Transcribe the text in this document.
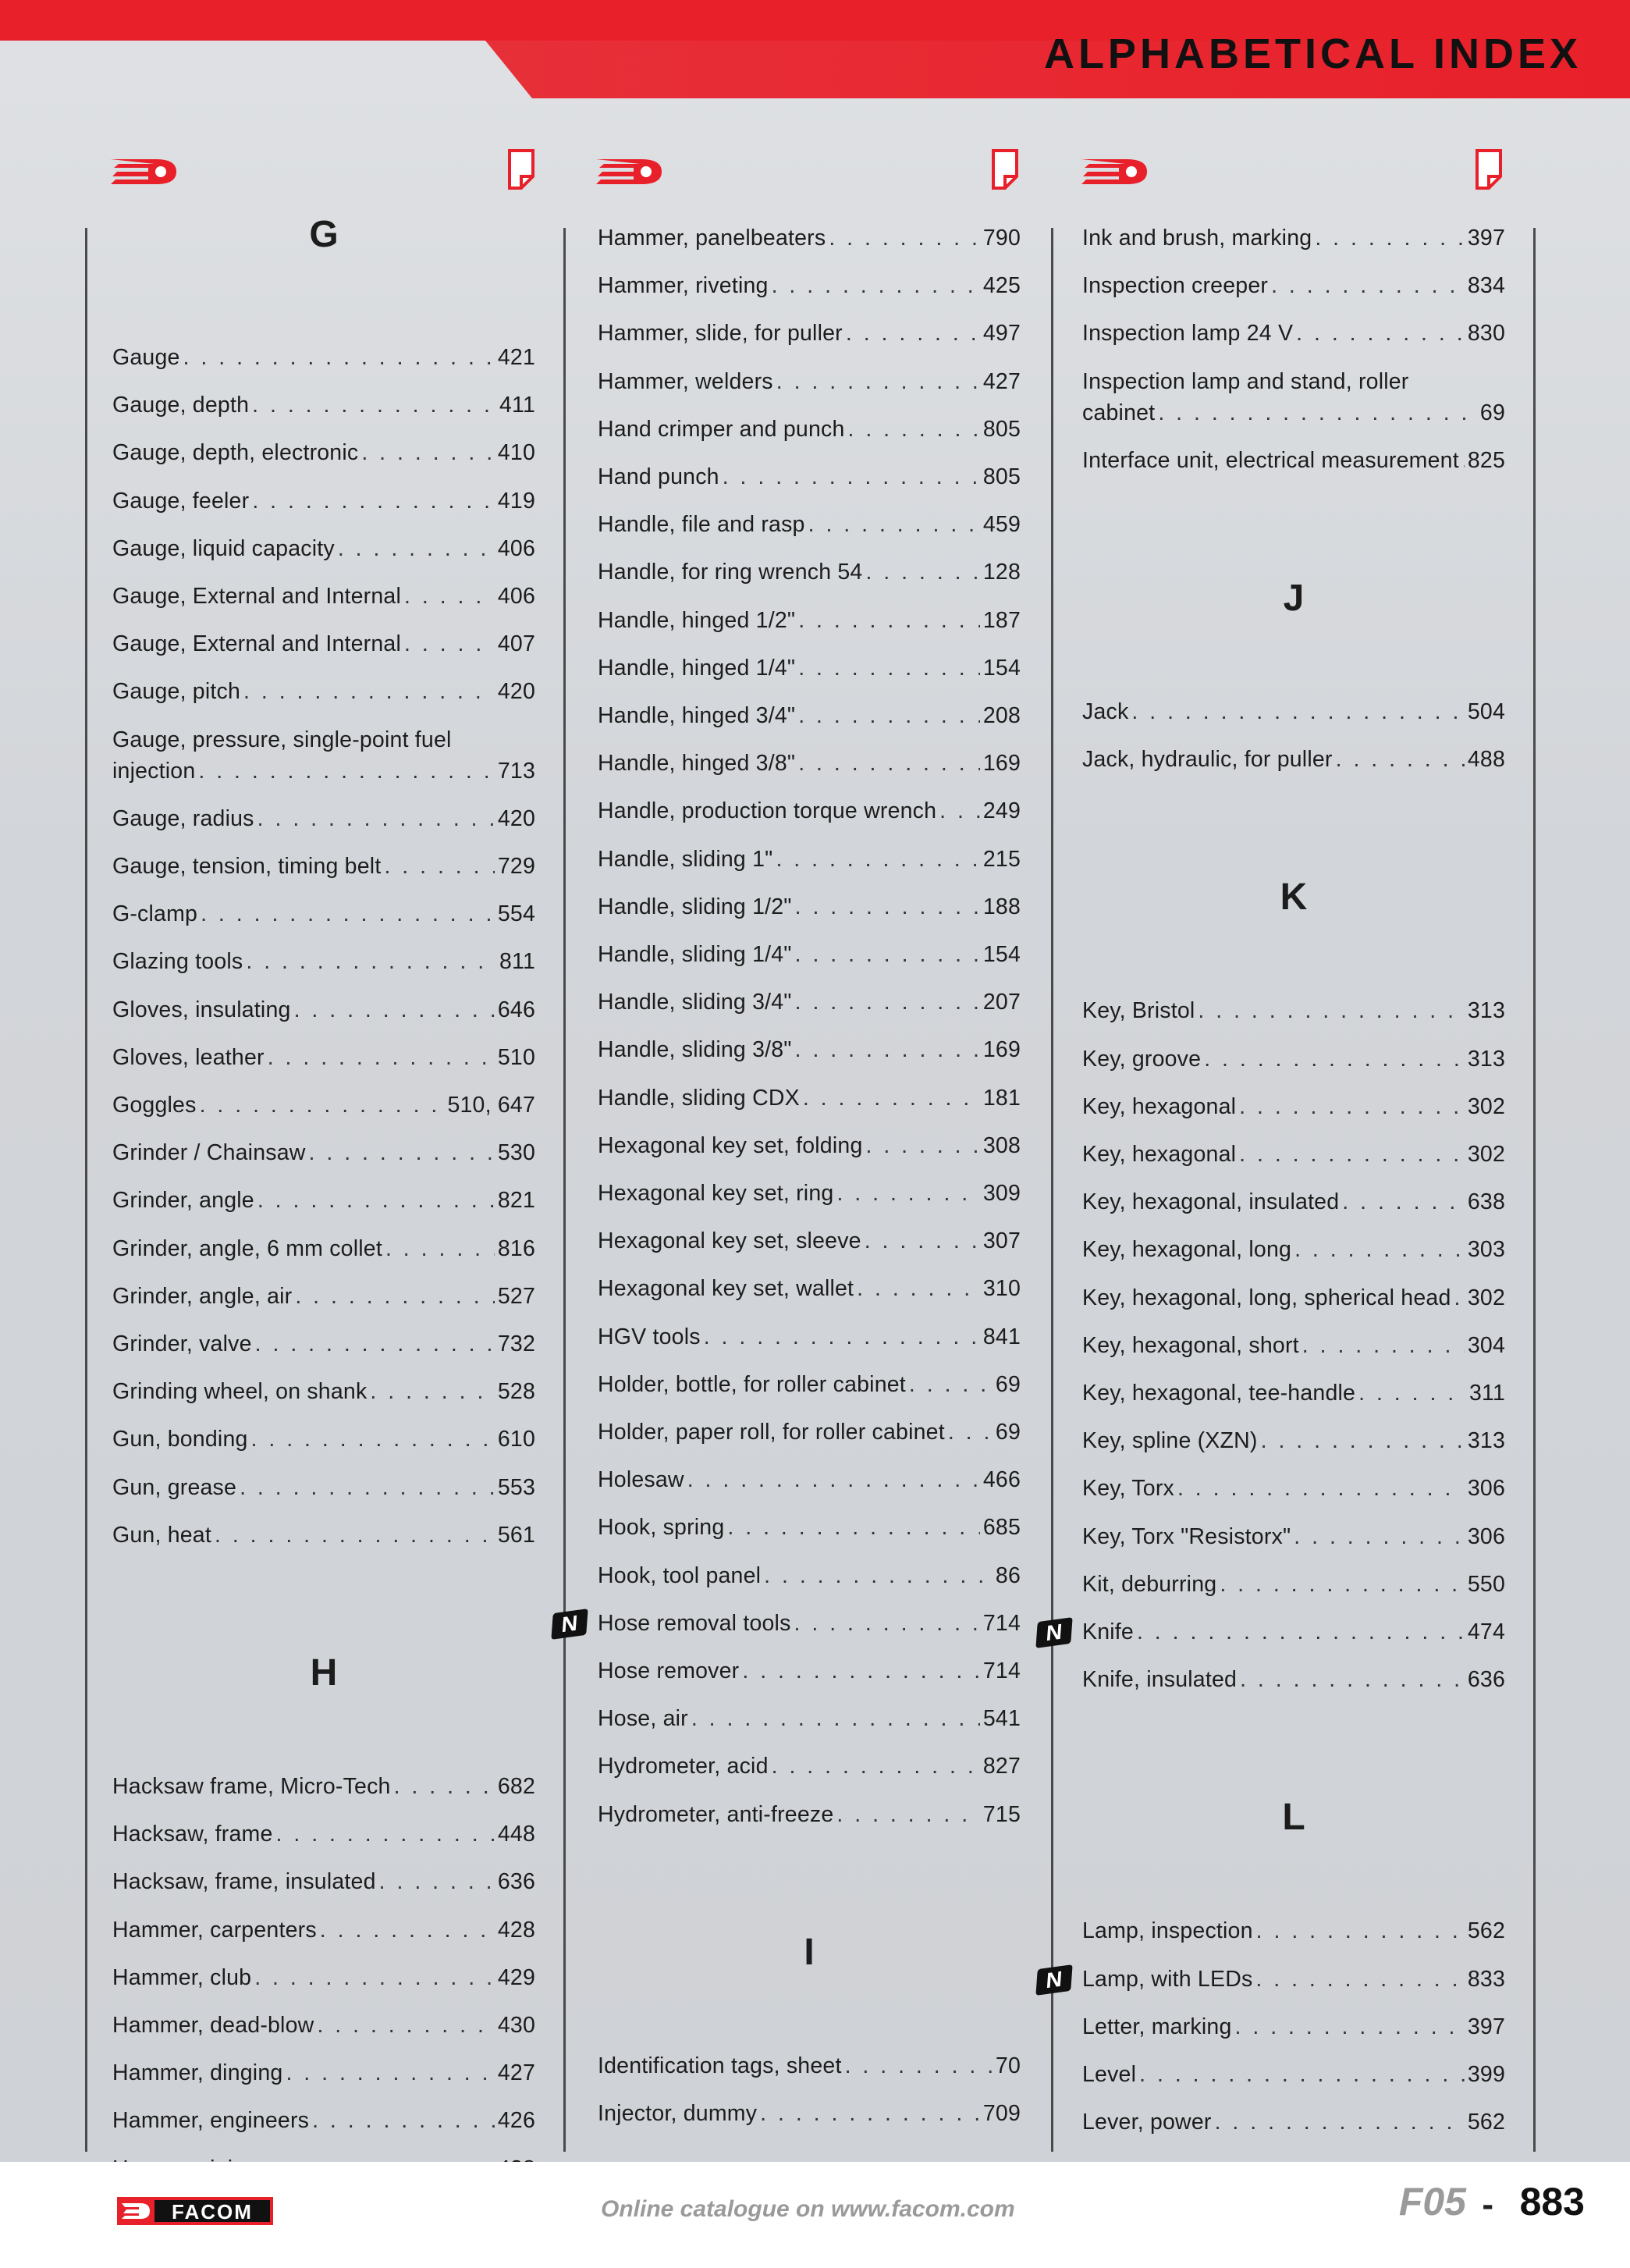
ALPHABETICAL INDEX
G
Gauge . . .	421
Gauge, depth . . .	411
Gauge, depth, electronic . . .	410
Gauge, feeler . . .	419
Gauge, liquid capacity . . .	406
Gauge, External and Internal . . .	406
Gauge, External and Internal . . .	407
Gauge, pitch . . .	420
Gauge, pressure, single-point fuel
injection . . .	713
Gauge, radius . . .	420
Gauge, tension, timing belt . . .	729
G-clamp . . .	554
Glazing tools . . .	811
Gloves, insulating . . .	646
Gloves, leather . . .	510
Goggles . . .	510, 647
Grinder / Chainsaw . . .	530
Grinder, angle . . .	821
Grinder, angle, 6 mm collet . . .	816
Grinder, angle, air . . .	527
Grinder, valve . . .	732
Grinding wheel, on shank . . .	528
Gun, bonding . . .	610
Gun, grease . . .	553
Gun, heat . . .	561
H
Hacksaw frame, Micro-Tech . . .	682
Hacksaw, frame . . .	448
Hacksaw, frame, insulated . . .	636
Hammer, carpenters . . .	428
Hammer, club . . .	429
Hammer, dead-blow . . .	430
Hammer, dinging . . .	427
Hammer, engineers . . .	426
. . .
Hammer, panelbeaters . . .	790
Hammer, riveting . . .	425
Hammer, slide, for puller . . .	497
Hammer, welders . . .	427
Hand crimper and punch . . .	805
Hand punch . . .	805
Handle, file and rasp . . .	459
Handle, for ring wrench 54 . . .	128
Handle, hinged 1/2" . . .	187
Handle, hinged 1/4" . . .	154
Handle, hinged 3/4" . . .	208
Handle, hinged 3/8" . . .	169
Handle, production torque wrench . . . 249
Handle, sliding 1" . . .	215
Handle, sliding 1/2" . . .	188
Handle, sliding 1/4" . . .	154
Handle, sliding 3/4" . . .	207
Handle, sliding 3/8" . . .	169
Handle, sliding CDX . . .	181
Hexagonal key set, folding . . .	308
Hexagonal key set, ring . . .	309
Hexagonal key set, sleeve . . .	307
Hexagonal key set, wallet . . .	310
HGV tools . . .	841
Holder, bottle, for roller cabinet . . .	69
Holder, paper roll, for roller cabinet . . . 69
Holesaw . . .	466
Hook, spring . . .	685
Hook, tool panel . . .	86
Hose removal tools . . .	714
N
Hose remover . . .	714
Hose, air . . .	541
Hydrometer, acid . . .	827
Hydrometer, anti-freeze . . .	715
I
Identification tags, sheet . . .	70
Injector, dummy . . .	709
Ink and brush, marking . . .	397
Inspection creeper . . .	834
Inspection lamp 24 V . . .	830
Inspection lamp and stand, roller
cabinet . . .	69
Interface unit, electrical measurement . . . 825
J
Jack . . .	504
Jack, hydraulic, for puller . . .	488
K
Key, Bristol . . .	313
Key, groove . . .	313
Key, hexagonal . . .	302
Key, hexagonal . . .	302
Key, hexagonal, insulated . . .	638
Key, hexagonal, long . . .	303
Key, hexagonal, long, spherical head . . . 302
Key, hexagonal, short . . .	304
Key, hexagonal, tee-handle . . .	311
Key, spline (XZN) . . .	313
Key, Torx . . .	306
Key, Torx "Resistorx" . . .	306
Kit, deburring . . .	550
Knife . . .	474
N
Knife, insulated . . .	636
L
Lamp, inspection . . .	562
Lamp, with LEDs . . .	833
N
Letter, marking . . .	397
Level . . .	399
Lever, power . . .	562
FACOM	Online catalogue on www.facom.com	F05 - 883
